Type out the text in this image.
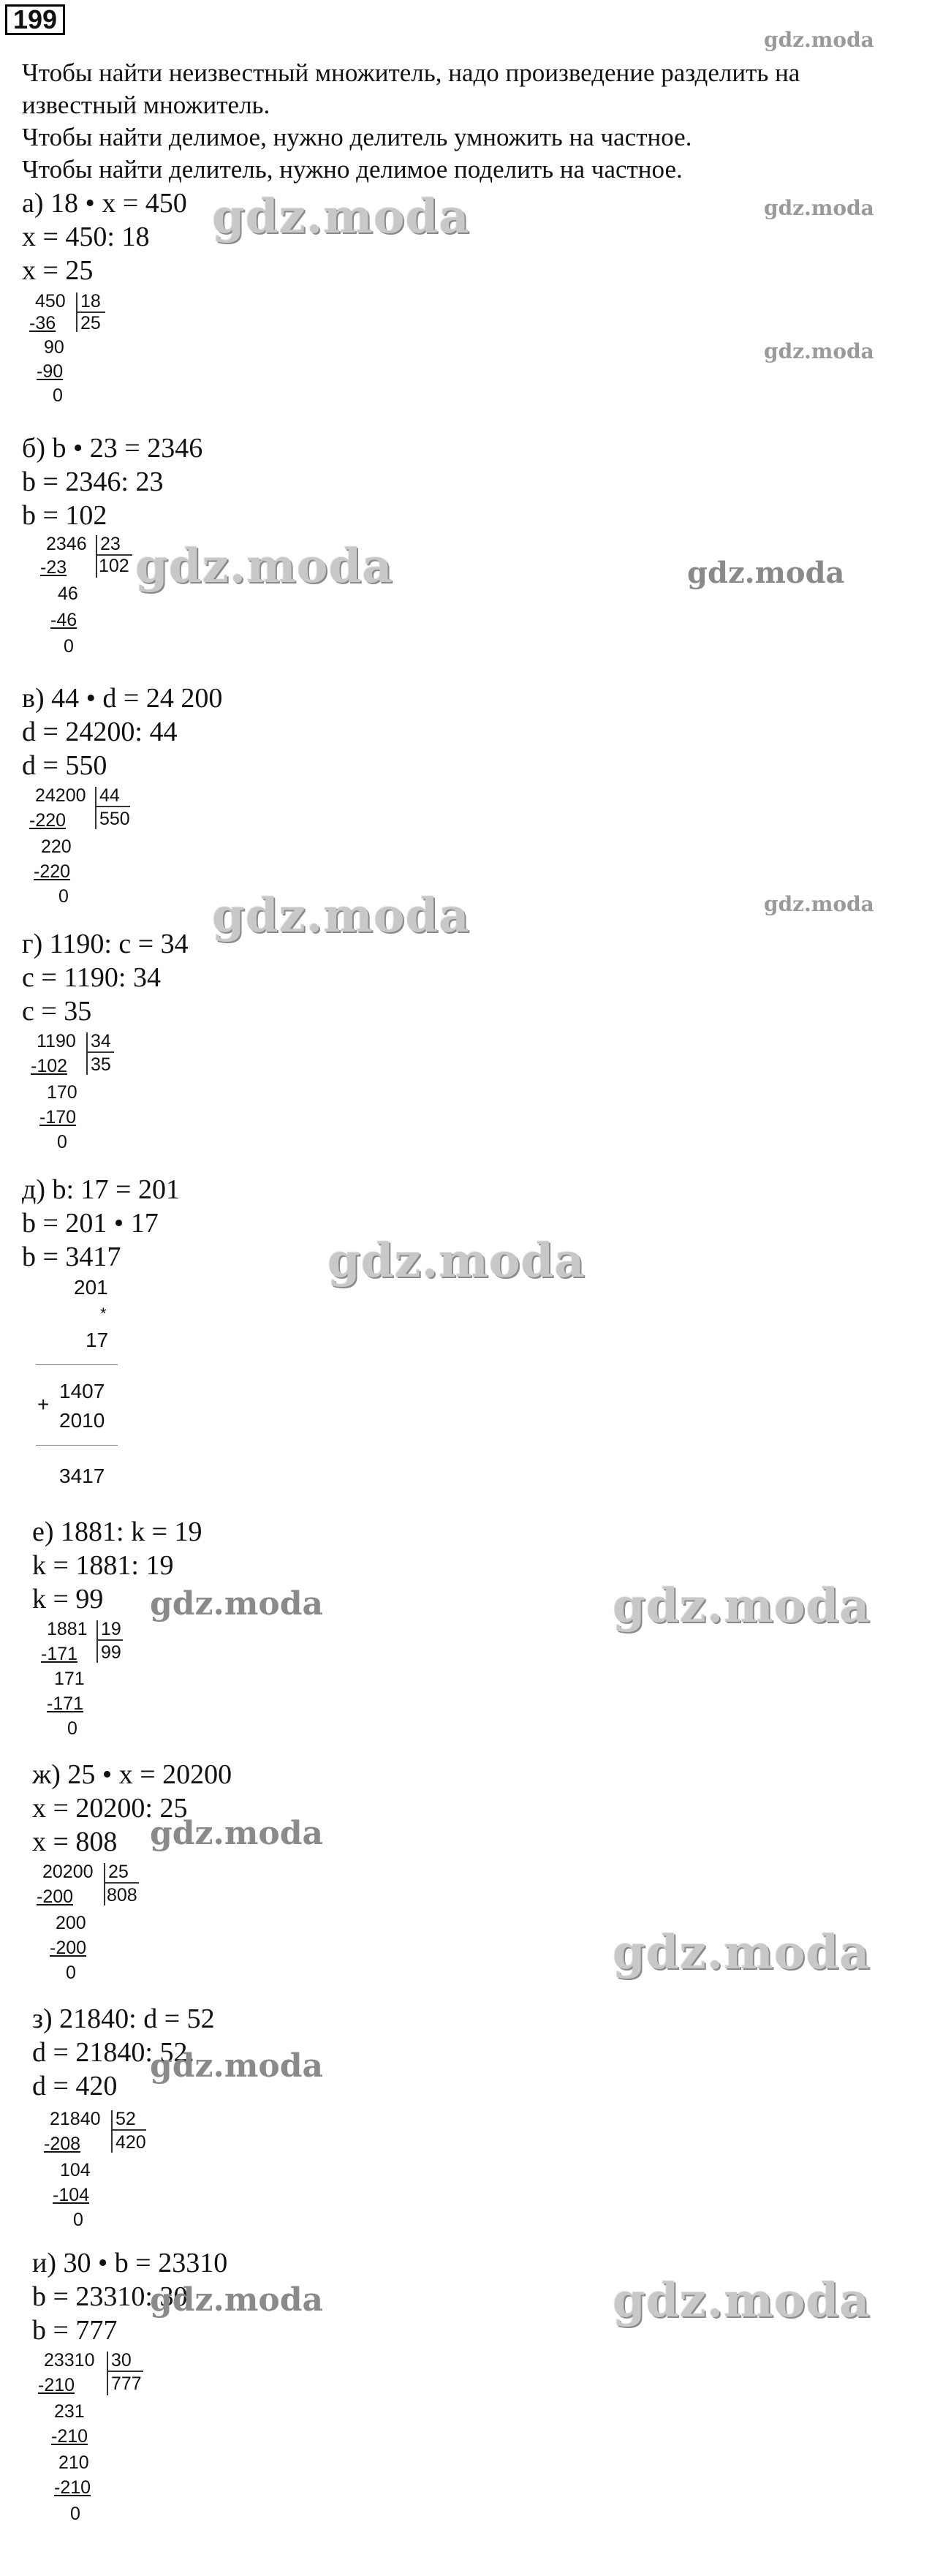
199
Чтобы найти неизвестный множитель, надо произведение разделить на
известный множитель.
Чтобы найти делимое, нужно делитель умножить на частное.
Чтобы найти делитель, нужно делимое поделить на частное.
а) 18 • x = 450
x = 450: 18
x = 25
450 18
25
-36
90
-90
0
б) b • 23 = 2346
b = 2346: 23
b = 102
2346 23
102
-23
46
-46
0
в) 44 • d = 24 200
d = 24200: 44
d = 550
24200 44
550
-220
220
-220
0
г) 1190: c = 34
c = 1190: 34
c = 35
1190 34
35
-102
170
-170
0
д) b: 17 = 201
b = 201 • 17
b = 3417
201
*
17
+
1407
2010
3417
е) 1881: k = 19
k = 1881: 19
k = 99
1881 19
99
-171
171
-171
0
ж) 25 • x = 20200
x = 20200: 25
x = 808
20200 25
808
-200
200
-200
0
з) 21840: d = 52
d = 21840: 52.
d = 420
21840 52
420
-208
104
-104
0
и) 30 • b = 23310
b = 23310: 30
b = 777
23310 30
777
-210
231
-210
210
-210
0
gdz.moda	gdz.moda
gdz.moda
gdz.moda
gdz.moda	gdz.moda
gdz.moda
gdz.moda
gdz.moda
gdz.moda	gdz.moda
gdz.moda
gdz.moda
gdz.moda
gdz.moda	gdz.moda
